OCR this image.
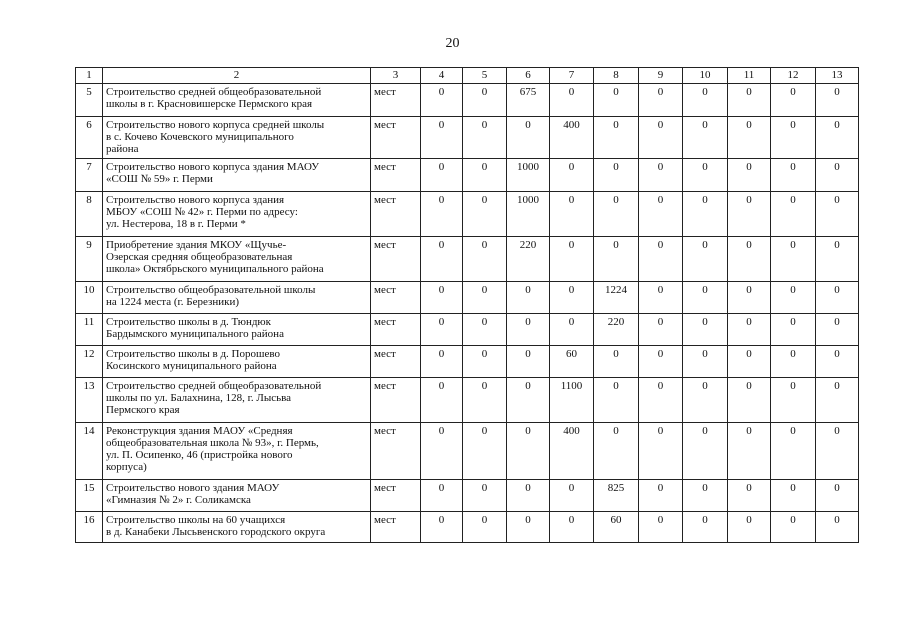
20
1	2	3	4	5	6	7	8	9	10	11	12	13
5	Строительство средней общеобразовательной
школы в г. Красновишерске Пермского края	мест	0	0	675	0	0	0	0	0	0	0
6	Строительство нового корпуса средней школы
в с. Кочево Кочевского муниципального
района	мест	0	0	0	400	0	0	0	0	0	0
7	Строительство нового корпуса здания МАОУ
«СОШ № 59» г. Перми	мест	0	0	1000	0	0	0	0	0	0	0
8	Строительство нового корпуса здания
МБОУ «СОШ № 42» г. Перми по адресу:
ул. Нестерова, 18 в г. Перми *	мест	0	0	1000	0	0	0	0	0	0	0
9	Приобретение здания МКОУ «Щучье-
Озерская средняя общеобразовательная
школа» Октябрьского муниципального района	мест	0	0	220	0	0	0	0	0	0	0
10	Строительство общеобразовательной школы
на 1224 места (г. Березники)	мест	0	0	0	0	1224	0	0	0	0	0
11	Строительство школы в д. Тюндюк
Бардымского муниципального района	мест	0	0	0	0	220	0	0	0	0	0
12	Строительство школы в д. Порошево
Косинского муниципального района	мест	0	0	0	60	0	0	0	0	0	0
13	Строительство средней общеобразовательной
школы по ул. Балахнина, 128, г. Лысьва
Пермского края	мест	0	0	0	1100	0	0	0	0	0	0
14	Реконструкция здания МАОУ «Средняя
общеобразовательная школа № 93», г. Пермь,
ул. П. Осипенко, 46 (пристройка нового
корпуса)	мест	0	0	0	400	0	0	0	0	0	0
15	Строительство нового здания МАОУ
«Гимназия № 2» г. Соликамска	мест	0	0	0	0	825	0	0	0	0	0
16	Строительство школы на 60 учащихся
в д. Канабеки Лысьвенского городского округа	мест	0	0	0	0	60	0	0	0	0	0
